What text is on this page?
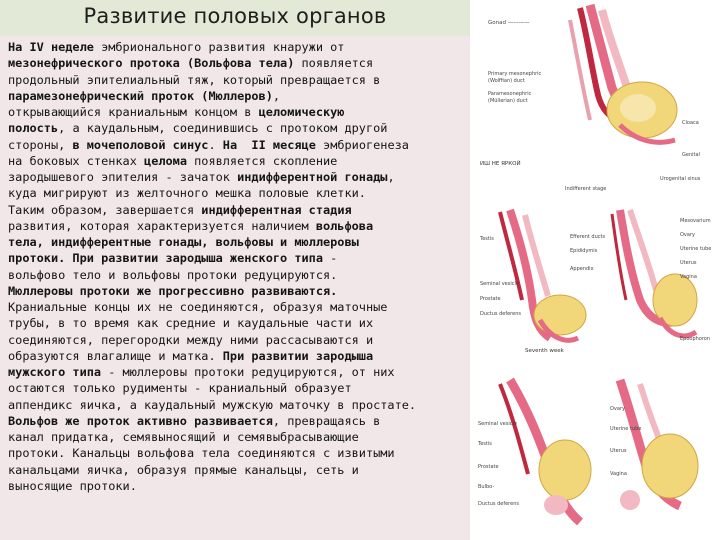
Развитие половых органов
На IV неделе эмбрионального развития кнаружи от
мезонефрического протока (Вольфова тела) появляется
продольный эпителиальный тяж, который превращается в
парамезонефрический проток (Мюллеров),
открывающийся краниальным концом в целомическую
полость, а каудальным, соединившись с протоком другой
стороны, в мочеполовой синус. На  II месяце эмбриогенеза
на боковых стенках целома появляется скопление
зародышевого эпителия - зачаток индифферентной гонады,
куда мигрируют из желточного мешка половые клетки.
Таким образом, завершается индифферентная стадия
развития, которая характеризуется наличием вольфова
тела, индифферентные гонады, вольфовы и мюллеровы
протоки. При развитии зародыша женского типа -
вольфово тело и вольфовы протоки редуцируются.
Мюллеровы протоки же прогрессивно развиваются.
Краниальные концы их не соединяются, образуя маточные
трубы, в то время как средние и каудальные части их
соединяются, перегородки между ними рассасываются и
образуются влагалище и матка. При развитии зародыша
мужского типа - мюллеровы протоки редуцируются, от них
остаются только рудименты - краниальный образует
аппендикс яичка, а каудальный мужскую маточку в простате.
Вольфов же проток активно развивается, превращаясь в
канал придатка, семявыносящий и семявыбрасывающие
протоки. Канальцы вольфова тела соединяются с извитыми
канальцами яичка, образуя прямые канальцы, сеть и
выносящие протоки.
Gonad ————
Primary mesonephric
(Wolffian) duct
Paramesonephric
(Müllerian) duct
Cloaca
Genital
Urogenital sinus
ИШ НЕ ЯРКОЙ
Indifferent stage
Testis	Efferent ducts
Epididymis
Appendix
Seminal vesicle
Prostate
Ductus deferens
Seventh week
Mesovarium
Ovary
Uterine tube
Uterus
Vagina
Epoophoron
Seminal vesicle
Testis
Prostate
Bulbo-
Ductus deferens
Ovary
Uterine tube
Uterus
Vagina
